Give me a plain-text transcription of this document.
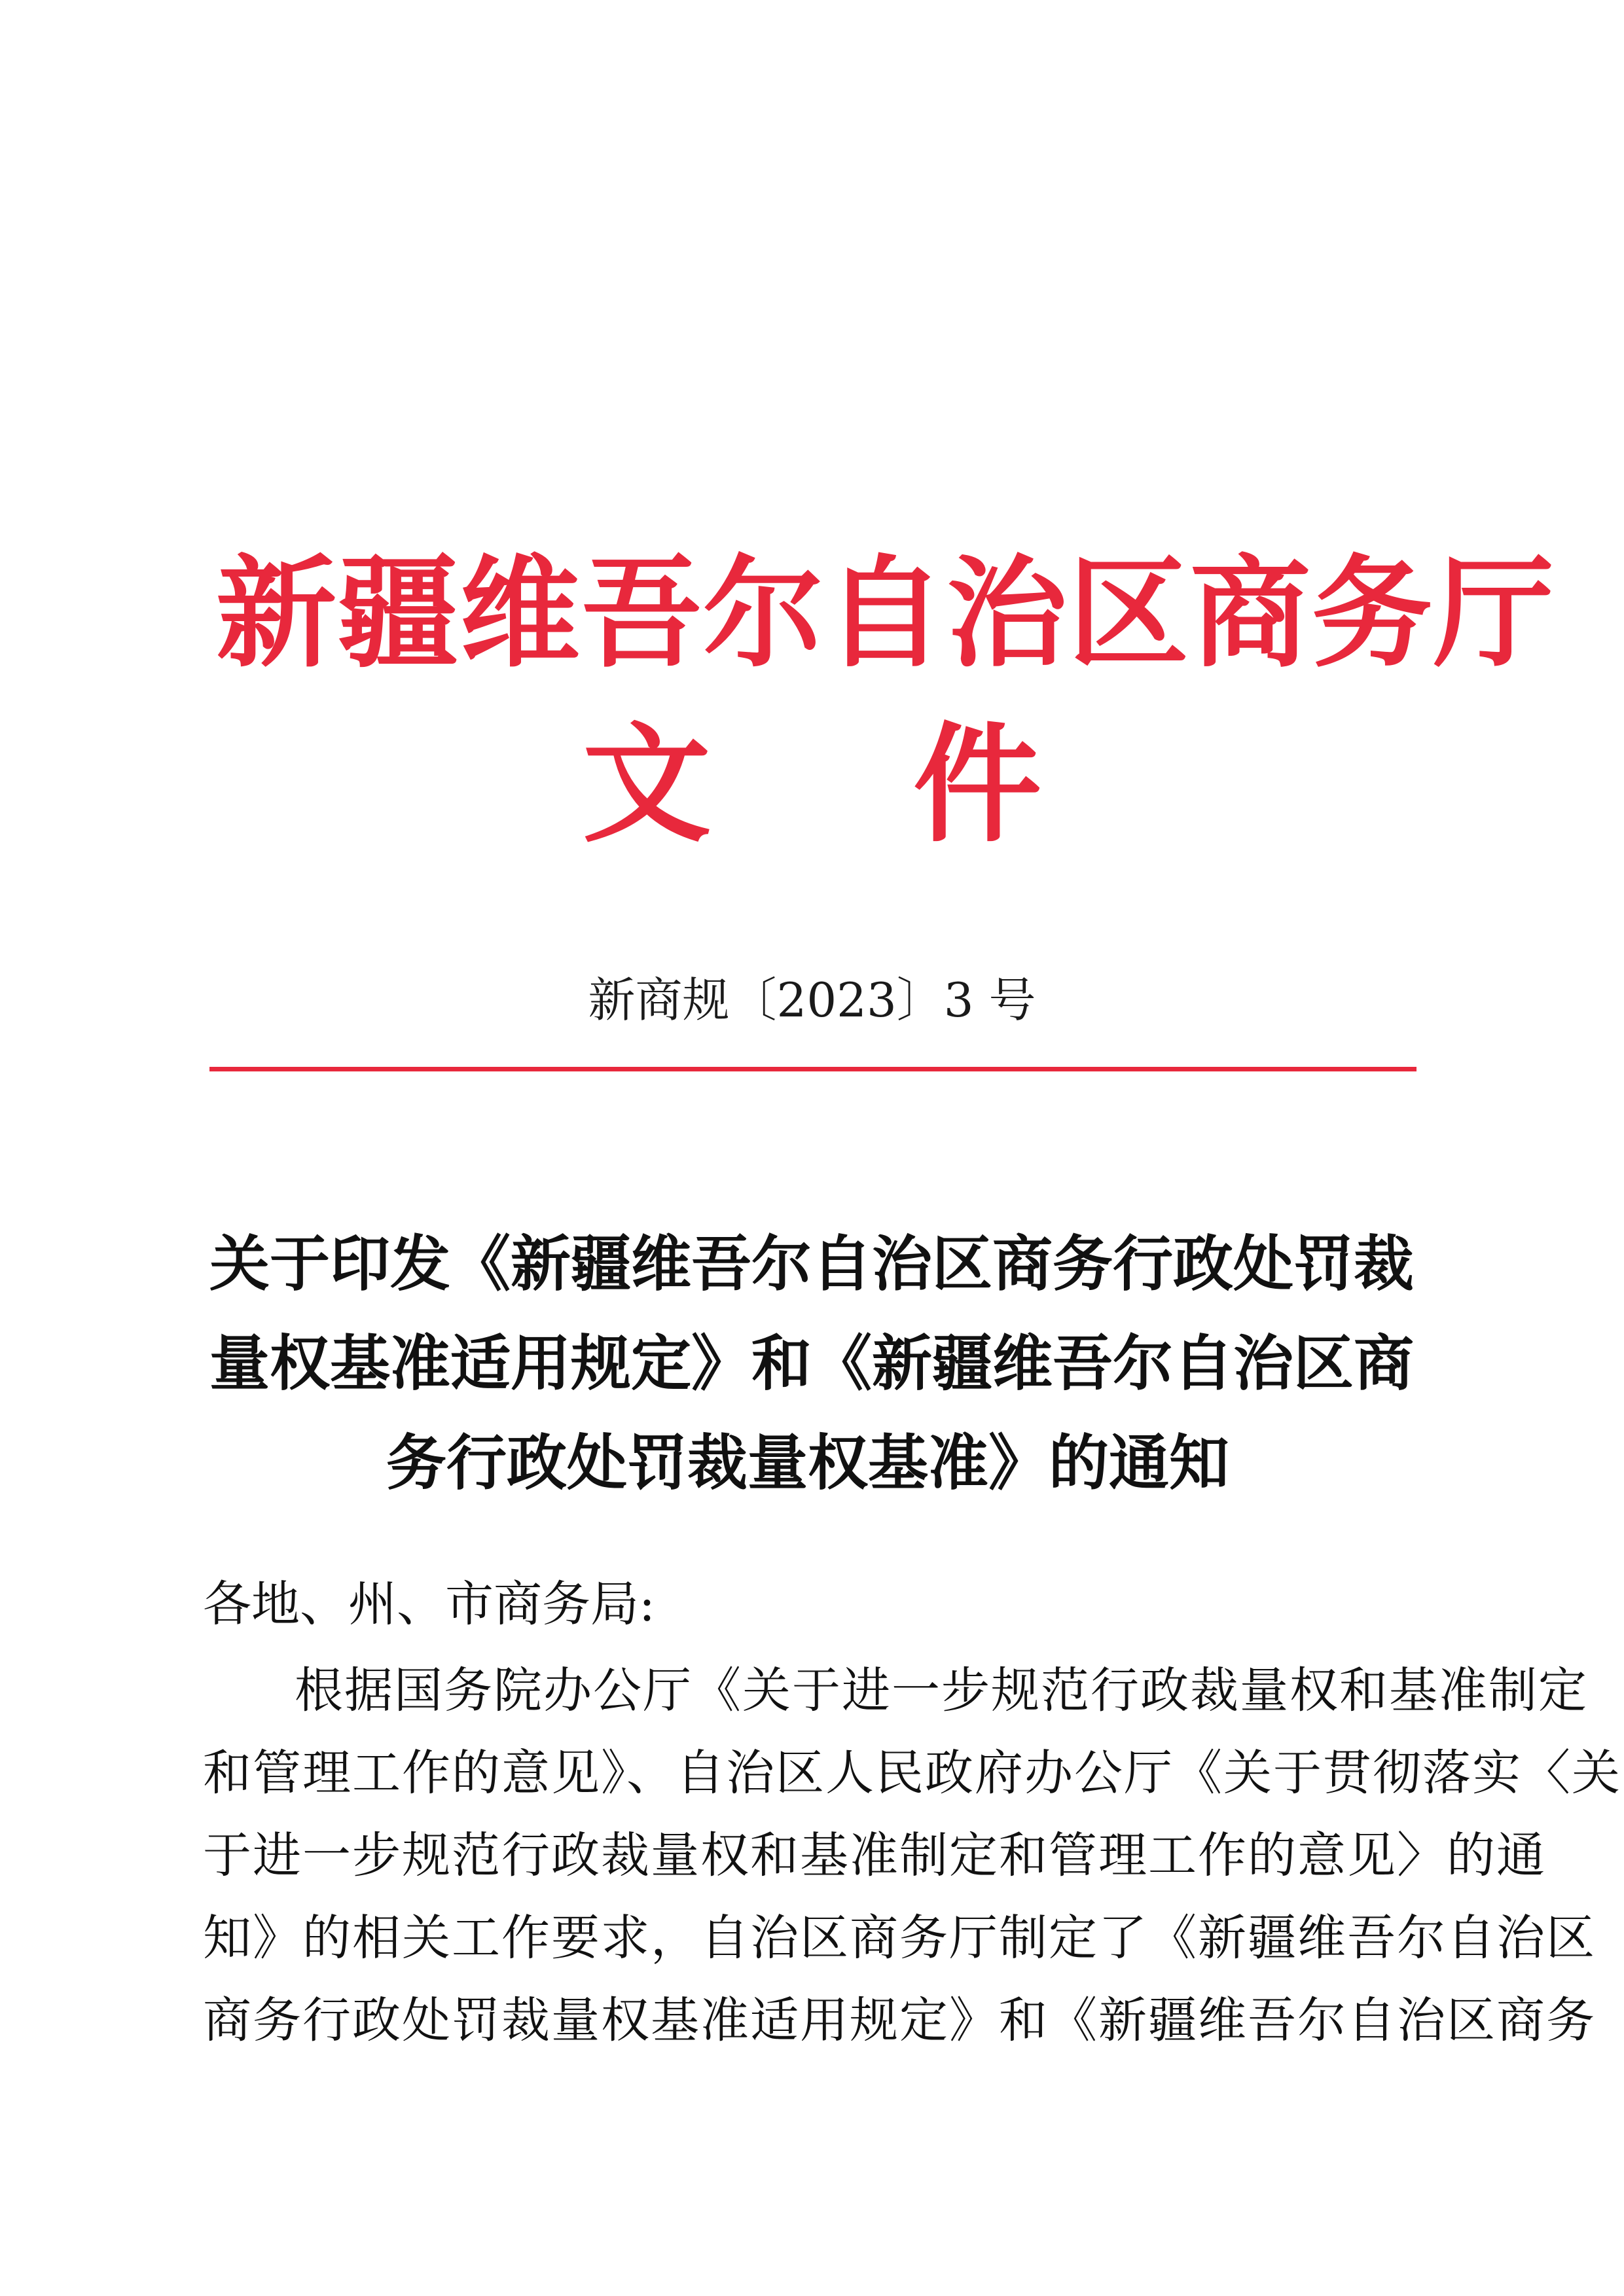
新疆维吾尔自治区商务厅
文 件
新商规〔2023〕3 号
关于印发《新疆维吾尔自治区商务行政处罚裁
量权基准适用规定》和《新疆维吾尔自治区商
务行政处罚裁量权基准》的通知
各地、州、市商务局:
根据国务院办公厅《关于进一步规范行政裁量权和基准制定
和管理工作的意见》、自治区人民政府办公厅《关于贯彻落实〈关
于进一步规范行政裁量权和基准制定和管理工作的意见〉的通
知》的相关工作要求，自治区商务厅制定了《新疆维吾尔自治区
商务行政处罚裁量权基准适用规定》和《新疆维吾尔自治区商务
